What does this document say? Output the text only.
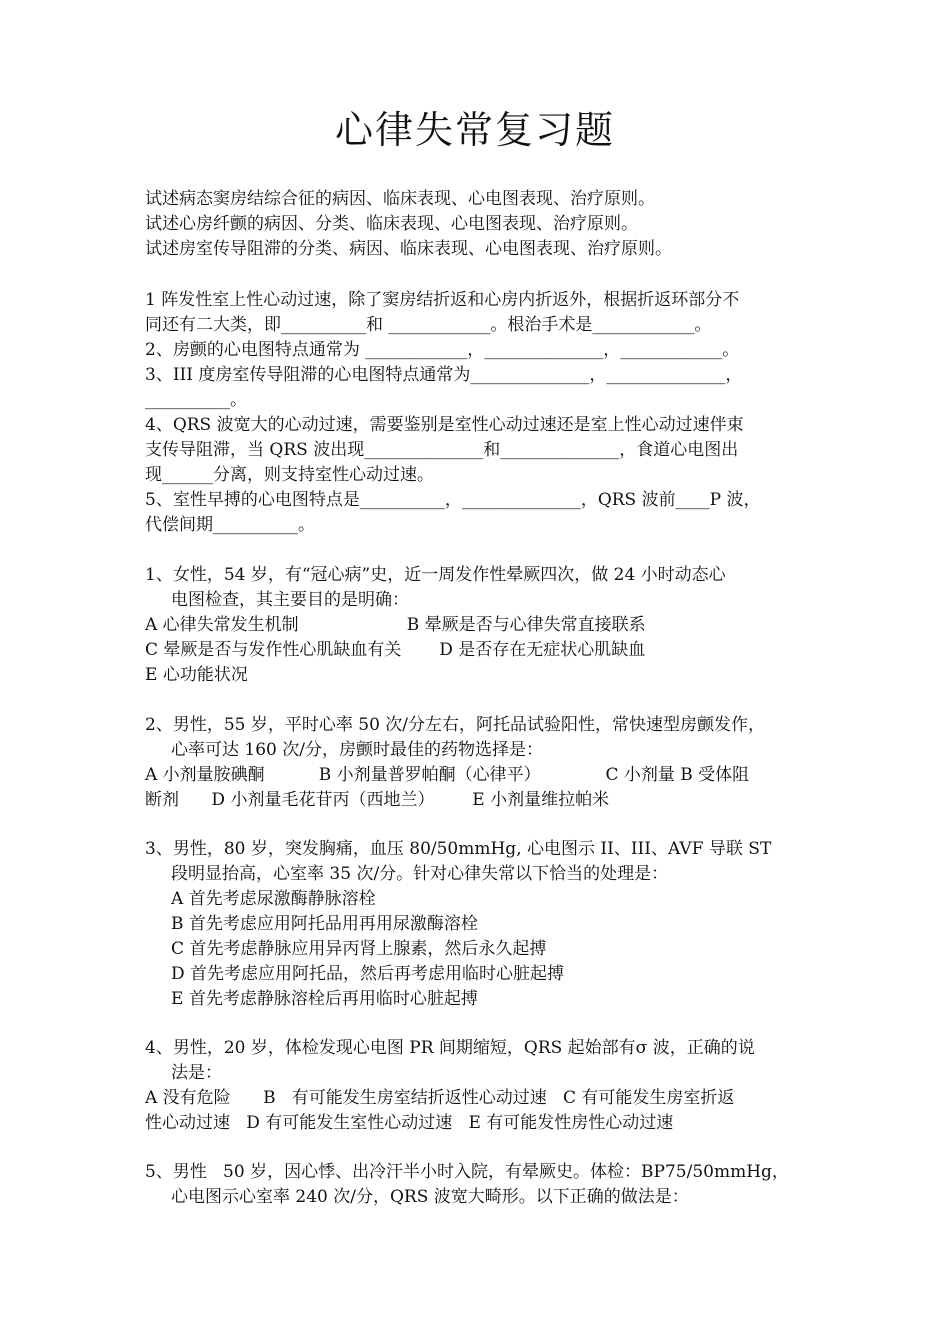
心律失常复习题
试述病态窦房结综合征的病因、临床表现、心电图表现、治疗原则。
试述心房纤颤的病因、分类、临床表现、心电图表现、治疗原则。
试述房室传导阻滞的分类、病因、临床表现、心电图表现、治疗原则。
1 阵发性室上性心动过速，除了窦房结折返和心房内折返外，根据折返环部分不
同还有二大类，即__________和 ____________。根治手术是____________。
2、房颤的心电图特点通常为 ____________，______________，____________。
3、III 度房室传导阻滞的心电图特点通常为______________，______________，
__________。
4、QRS 波宽大的心动过速，需要鉴别是室性心动过速还是室上性心动过速伴束
支传导阻滞，当 QRS 波出现______________和______________，食道心电图出
现______分离，则支持室性心动过速。
5、室性早搏的心电图特点是__________，______________，QRS 波前____P 波，
代偿间期__________。
1、女性，54 岁，有“冠心病”史，近一周发作性晕厥四次，做 24 小时动态心
电图检查，其主要目的是明确：
A 心律失常发生机制                    B 晕厥是否与心律失常直接联系
C 晕厥是否与发作性心肌缺血有关       D 是否存在无症状心肌缺血
E 心功能状况
2、男性，55 岁，平时心率 50 次/分左右，阿托品试验阳性，常快速型房颤发作，
心率可达 160 次/分，房颤时最佳的药物选择是：
A 小剂量胺碘酮          B 小剂量普罗帕酮（心律平）            C 小剂量 B 受体阻
断剂      D 小剂量毛花苷丙（西地兰）       E 小剂量维拉帕米
3、男性，80 岁，突发胸痛，血压 80/50mmHg, 心电图示 II、III、AVF 导联 ST
段明显抬高，心室率 35 次/分。针对心律失常以下恰当的处理是：
A 首先考虑尿激酶静脉溶栓
B 首先考虑应用阿托品用再用尿激酶溶栓
C 首先考虑静脉应用异丙肾上腺素，然后永久起搏
D 首先考虑应用阿托品，然后再考虑用临时心脏起搏
E 首先考虑静脉溶栓后再用临时心脏起搏
4、男性，20 岁，体检发现心电图 PR 间期缩短，QRS 起始部有σ 波，正确的说
法是：
A 没有危险      B   有可能发生房室结折返性心动过速   C 有可能发生房室折返
性心动过速   D 有可能发生室性心动过速   E 有可能发性房性心动过速
5、男性   50 岁，因心悸、出冷汗半小时入院，有晕厥史。体检：BP75/50mmHg，
心电图示心室率 240 次/分，QRS 波宽大畸形。以下正确的做法是：
